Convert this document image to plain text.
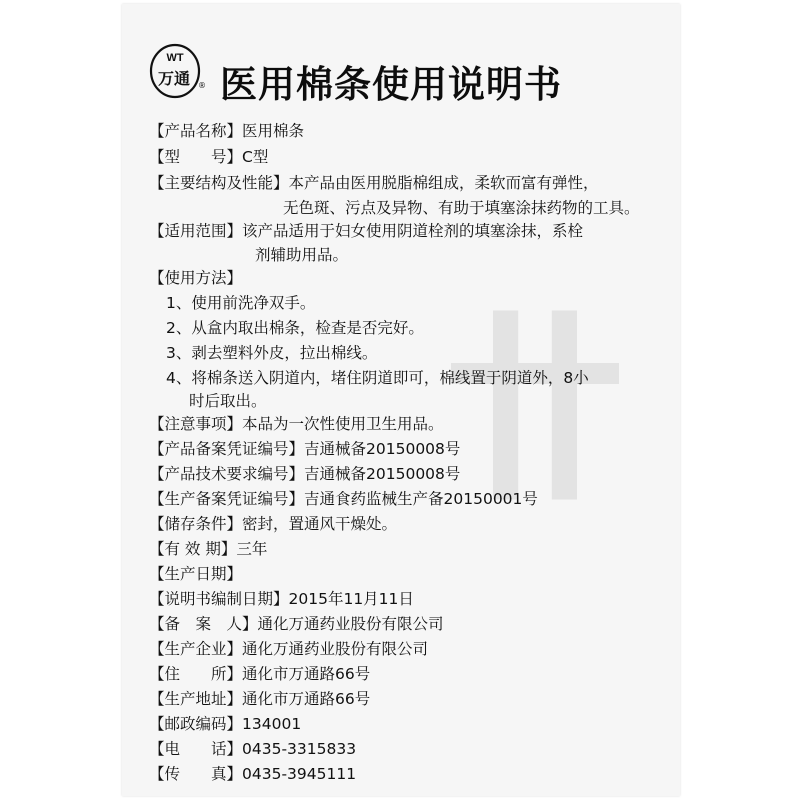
WT
万通 ® 医用棉条使用说明书
【产品名称】医用棉条
【型　　号】C型
【主要结构及性能】本产品由医用脱脂棉组成，柔软而富有弹性，
无色斑、污点及异物、有助于填塞涂抹药物的工具。
【适用范围】该产品适用于妇女使用阴道栓剂的填塞涂抹，系栓
剂辅助用品。
【使用方法】
1、使用前洗净双手。
2、从盒内取出棉条，检查是否完好。
3、剥去塑料外皮，拉出棉线。
4、将棉条送入阴道内，堵住阴道即可，棉线置于阴道外，8小
时后取出。
【注意事项】本品为一次性使用卫生用品。
【产品备案凭证编号】吉通械备20150008号
【产品技术要求编号】吉通械备20150008号
【生产备案凭证编号】吉通食药监械生产备20150001号
【储存条件】密封，置通风干燥处。
【有 效 期】三年
【生产日期】
【说明书编制日期】2015年11月11日
【备　案　人】通化万通药业股份有限公司
【生产企业】通化万通药业股份有限公司
【住　　所】通化市万通路66号
【生产地址】通化市万通路66号
【邮政编码】134001
【电　　话】0435-3315833
【传　　真】0435-3945111
